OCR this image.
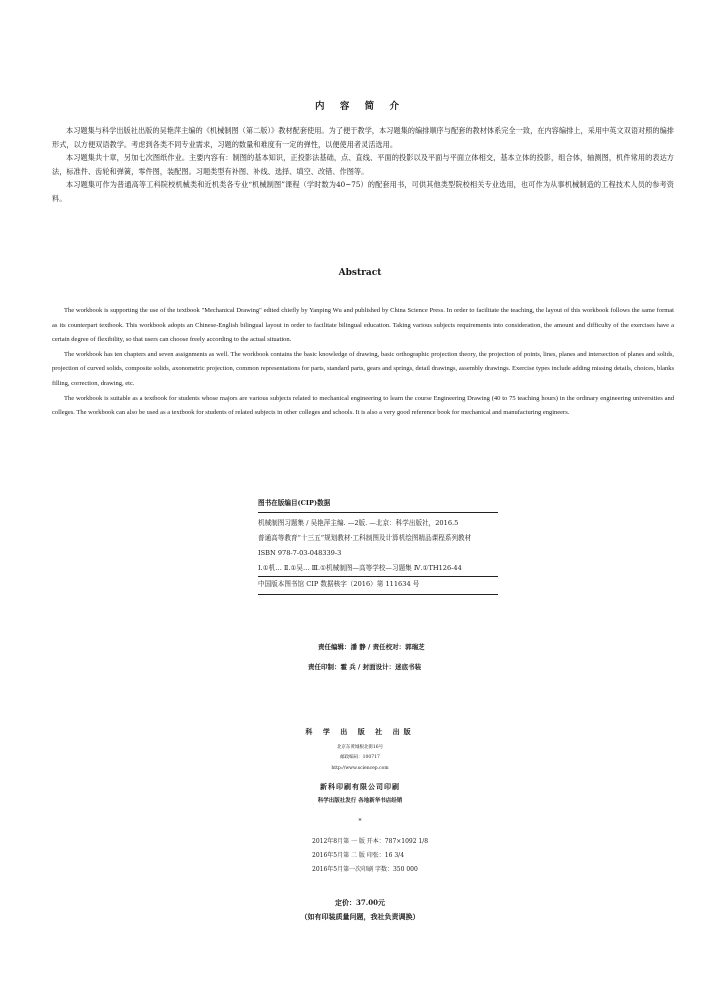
内 容 简 介

本习题集与科学出版社出版的吴艳萍主编的《机械制图（第二版）》教材配套使用。为了便于教学，本习题集的编排顺序与配套的教材体系完全一致，在内容编排上，采用中英文双语对照的编排形式，以方便双语教学。考虑到各类不同专业需求，习题的数量和难度有一定的弹性，以便使用者灵活选用。

本习题集共十章，另加七次图纸作业。主要内容有：制图的基本知识，正投影法基础，点、直线、平面的投影以及平面与平面立体相交，基本立体的投影，组合体，轴测图，机件常用的表达方法，标准件、齿轮和弹簧，零件图，装配图。习题类型有补图、补线、选择、填空、改错、作图等。

本习题集可作为普通高等工科院校机械类和近机类各专业“机械制图”课程（学时数为40~75）的配套用书，可供其他类型院校相关专业选用，也可作为从事机械制造的工程技术人员的参考资料。

Abstract

The workbook is supporting the use of the textbook "Mechanical Drawing" edited chiefly by Yanping Wu and published by China Science Press. In order to facilitate the teaching, the layout of this workbook follows the same format as its counterpart textbook. This workbook adopts an Chinese-English bilingual layout in order to facilitate bilingual education. Taking various subjects requirements into consideration, the amount and difficulty of the exercises have a certain degree of flexibility, so that users can choose freely according to the actual situation.

The workbook has ten chapters and seven assignments as well. The workbook contains the basic knowledge of drawing, basic orthographic projection theory, the projection of points, lines, planes and intersection of planes and solids, projection of curved solids, composite solids, axonometric projection, common representations for parts, standard parts, gears and springs, detail drawings, assembly drawings. Exercise types include adding missing details, choices, blanks filling, correction, drawing, etc.

The workbook is suitable as a textbook for students whose majors are various subjects related to mechanical engineering to learn the course Engineering Drawing (40 to 75 teaching hours) in the ordinary engineering universities and colleges. The workbook can also be used as a textbook for students of related subjects in other colleges and schools. It is also a very good reference book for mechanical and manufacturing engineers.

图书在版编目(CIP)数据
机械制图习题集 / 吴艳萍主编. —2版. —北京：科学出版社，2016.5
普通高等教育“十三五”规划教材·工科制图及计算机绘图精品课程系列教材
ISBN 978-7-03-048339-3
Ⅰ.①机… Ⅱ.①吴… Ⅲ.①机械制图—高等学校—习题集 Ⅳ.①TH126-44
中国版本图书馆 CIP 数据核字（2016）第 111634 号
责任编辑：潘 静 / 责任校对：郭瑞芝
责任印制：霍 兵 / 封面设计：迷底书装
科 学 出 版 社 出版
北京东黄城根北街16号
邮政编码：100717
http://www.sciencep.com
新科印刷有限公司印刷
科学出版社发行 各地新华书店经销
*
2012年8月第 一 版 开本：787×1092 1/8
2016年5月第 二 版 印张：16 3/4
2016年5月第一次印刷 字数：350 000
定价：37.00元
（如有印装质量问题，我社负责调换）
